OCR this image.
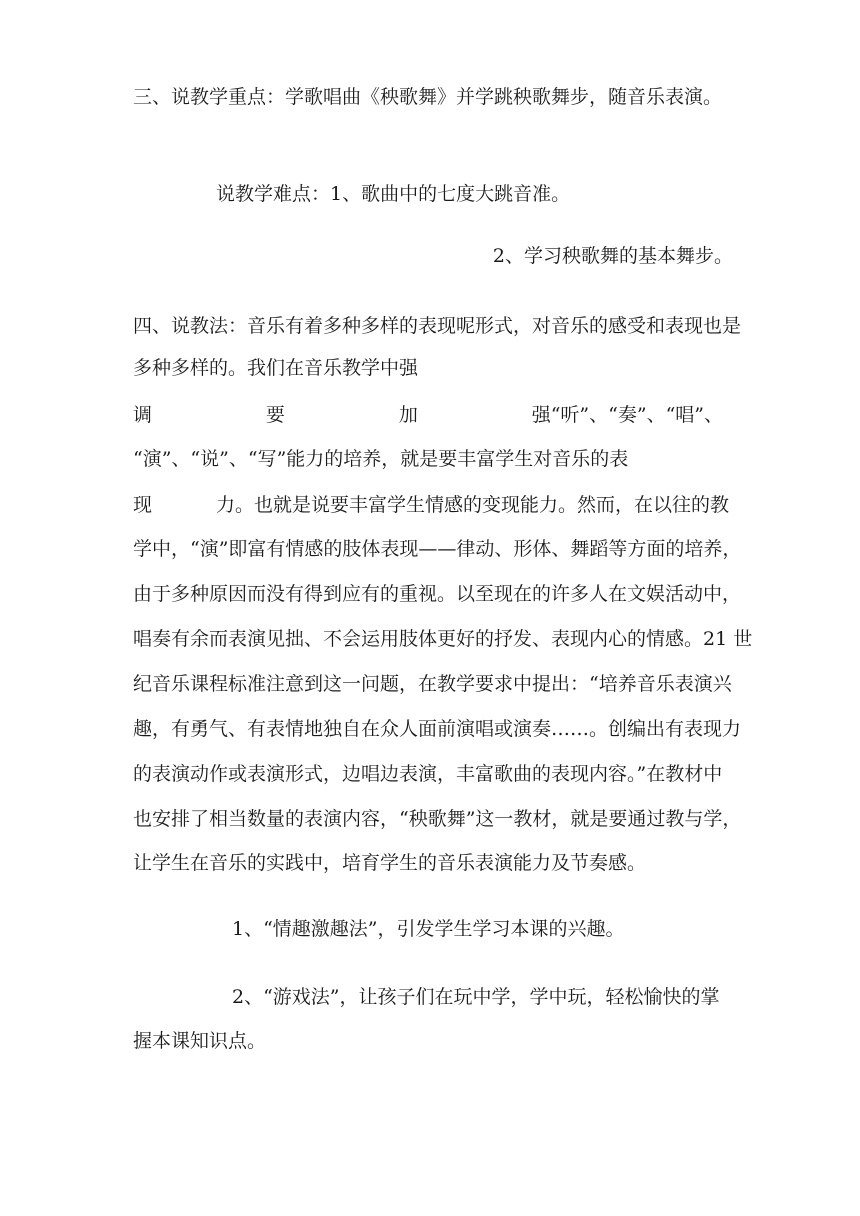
三、说教学重点：学歌唱曲《秧歌舞》并学跳秧歌舞步，随音乐表演。
说教学难点：1、歌曲中的七度大跳音准。
2、学习秧歌舞的基本舞步。
四、说教法：音乐有着多种多样的表现呢形式，对音乐的感受和表现也是
多种多样的。我们在音乐教学中强
调	要	加	强“听”、“奏”、“唱”、
“演”、“说”、“写”能力的培养，就是要丰富学生对音乐的表
现	力。也就是说要丰富学生情感的变现能力。然而，在以往的教
学中，“演”即富有情感的肢体表现——律动、形体、舞蹈等方面的培养，
由于多种原因而没有得到应有的重视。以至现在的许多人在文娱活动中，
唱奏有余而表演见拙、不会运用肢体更好的抒发、表现内心的情感。21 世
纪音乐课程标准注意到这一问题，在教学要求中提出：“培养音乐表演兴
趣，有勇气、有表情地独自在众人面前演唱或演奏……。创编出有表现力
的表演动作或表演形式，边唱边表演，丰富歌曲的表现内容。”在教材中
也安排了相当数量的表演内容，“秧歌舞”这一教材，就是要通过教与学，
让学生在音乐的实践中，培育学生的音乐表演能力及节奏感。
1、“情趣激趣法”，引发学生学习本课的兴趣。
2、“游戏法”，让孩子们在玩中学，学中玩，轻松愉快的掌
握本课知识点。
